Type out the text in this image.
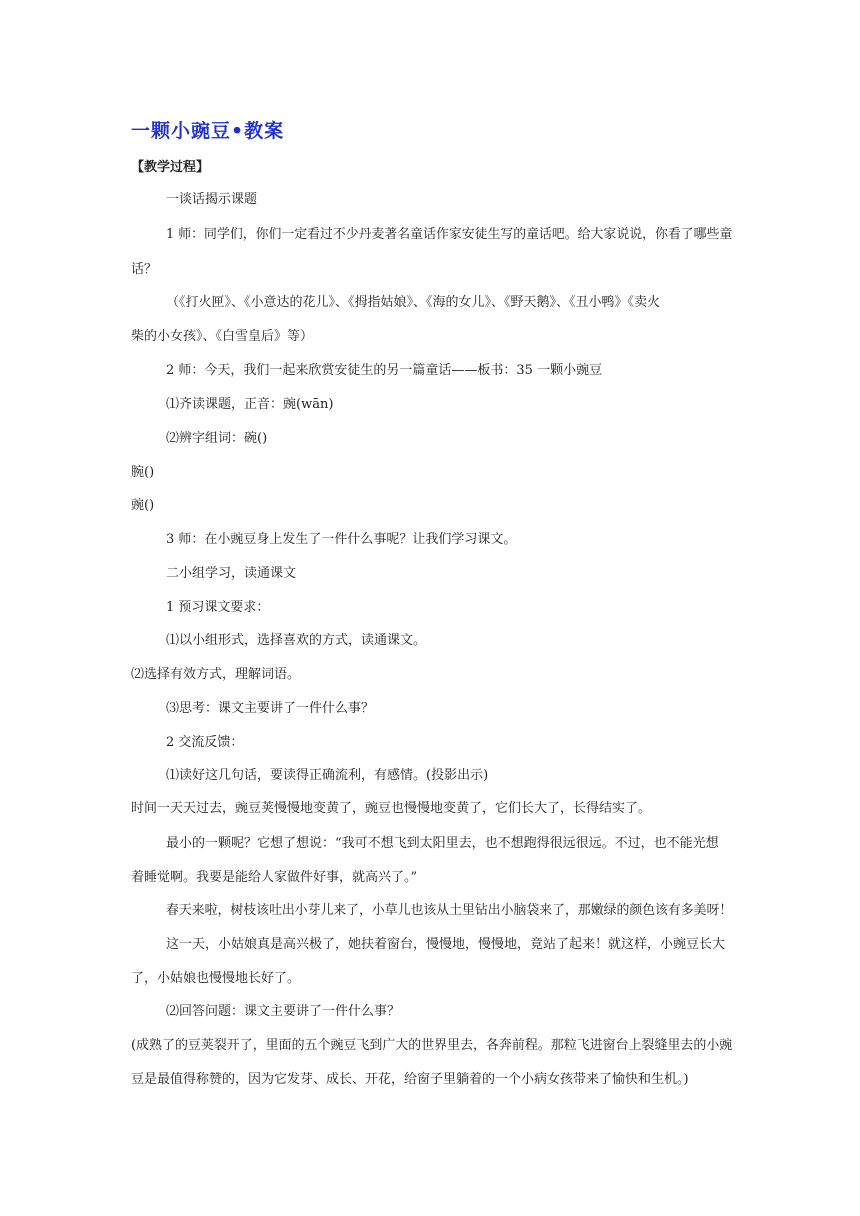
一颗小豌豆•教案
【教学过程】
一谈话揭示课题
1 师：同学们，你们一定看过不少丹麦著名童话作家安徒生写的童话吧。给大家说说，你看了哪些童
话？
（《打火匣》、《小意达的花儿》、《拇指姑娘》、《海的女儿》、《野天鹅》、《丑小鸭》《卖火
柴的小女孩》、《白雪皇后》等）
2 师：今天，我们一起来欣赏安徒生的另一篇童话——板书：35 一颗小豌豆
⑴齐读课题，正音：豌(wān)
⑵辨字组词：碗()
腕()
豌()
3 师：在小豌豆身上发生了一件什么事呢？让我们学习课文。
二小组学习，读通课文
1 预习课文要求：
⑴以小组形式，选择喜欢的方式，读通课文。
⑵选择有效方式，理解词语。
⑶思考：课文主要讲了一件什么事？
2 交流反馈：
⑴读好这几句话，要读得正确流利，有感情。(投影出示)
时间一天天过去，豌豆荚慢慢地变黄了，豌豆也慢慢地变黄了，它们长大了，长得结实了。
最小的一颗呢？它想了想说：“我可不想飞到太阳里去，也不想跑得很远很远。不过，也不能光想
着睡觉啊。我要是能给人家做件好事，就高兴了。”
春天来啦，树枝该吐出小芽儿来了，小草儿也该从土里钻出小脑袋来了，那嫩绿的颜色该有多美呀！
这一天，小姑娘真是高兴极了，她扶着窗台，慢慢地，慢慢地，竟站了起来！就这样，小豌豆长大
了，小姑娘也慢慢地长好了。
⑵回答问题：课文主要讲了一件什么事？
(成熟了的豆荚裂开了，里面的五个豌豆飞到广大的世界里去，各奔前程。那粒飞进窗台上裂缝里去的小豌
豆是最值得称赞的，因为它发芽、成长、开花，给窗子里躺着的一个小病女孩带来了愉快和生机。)
